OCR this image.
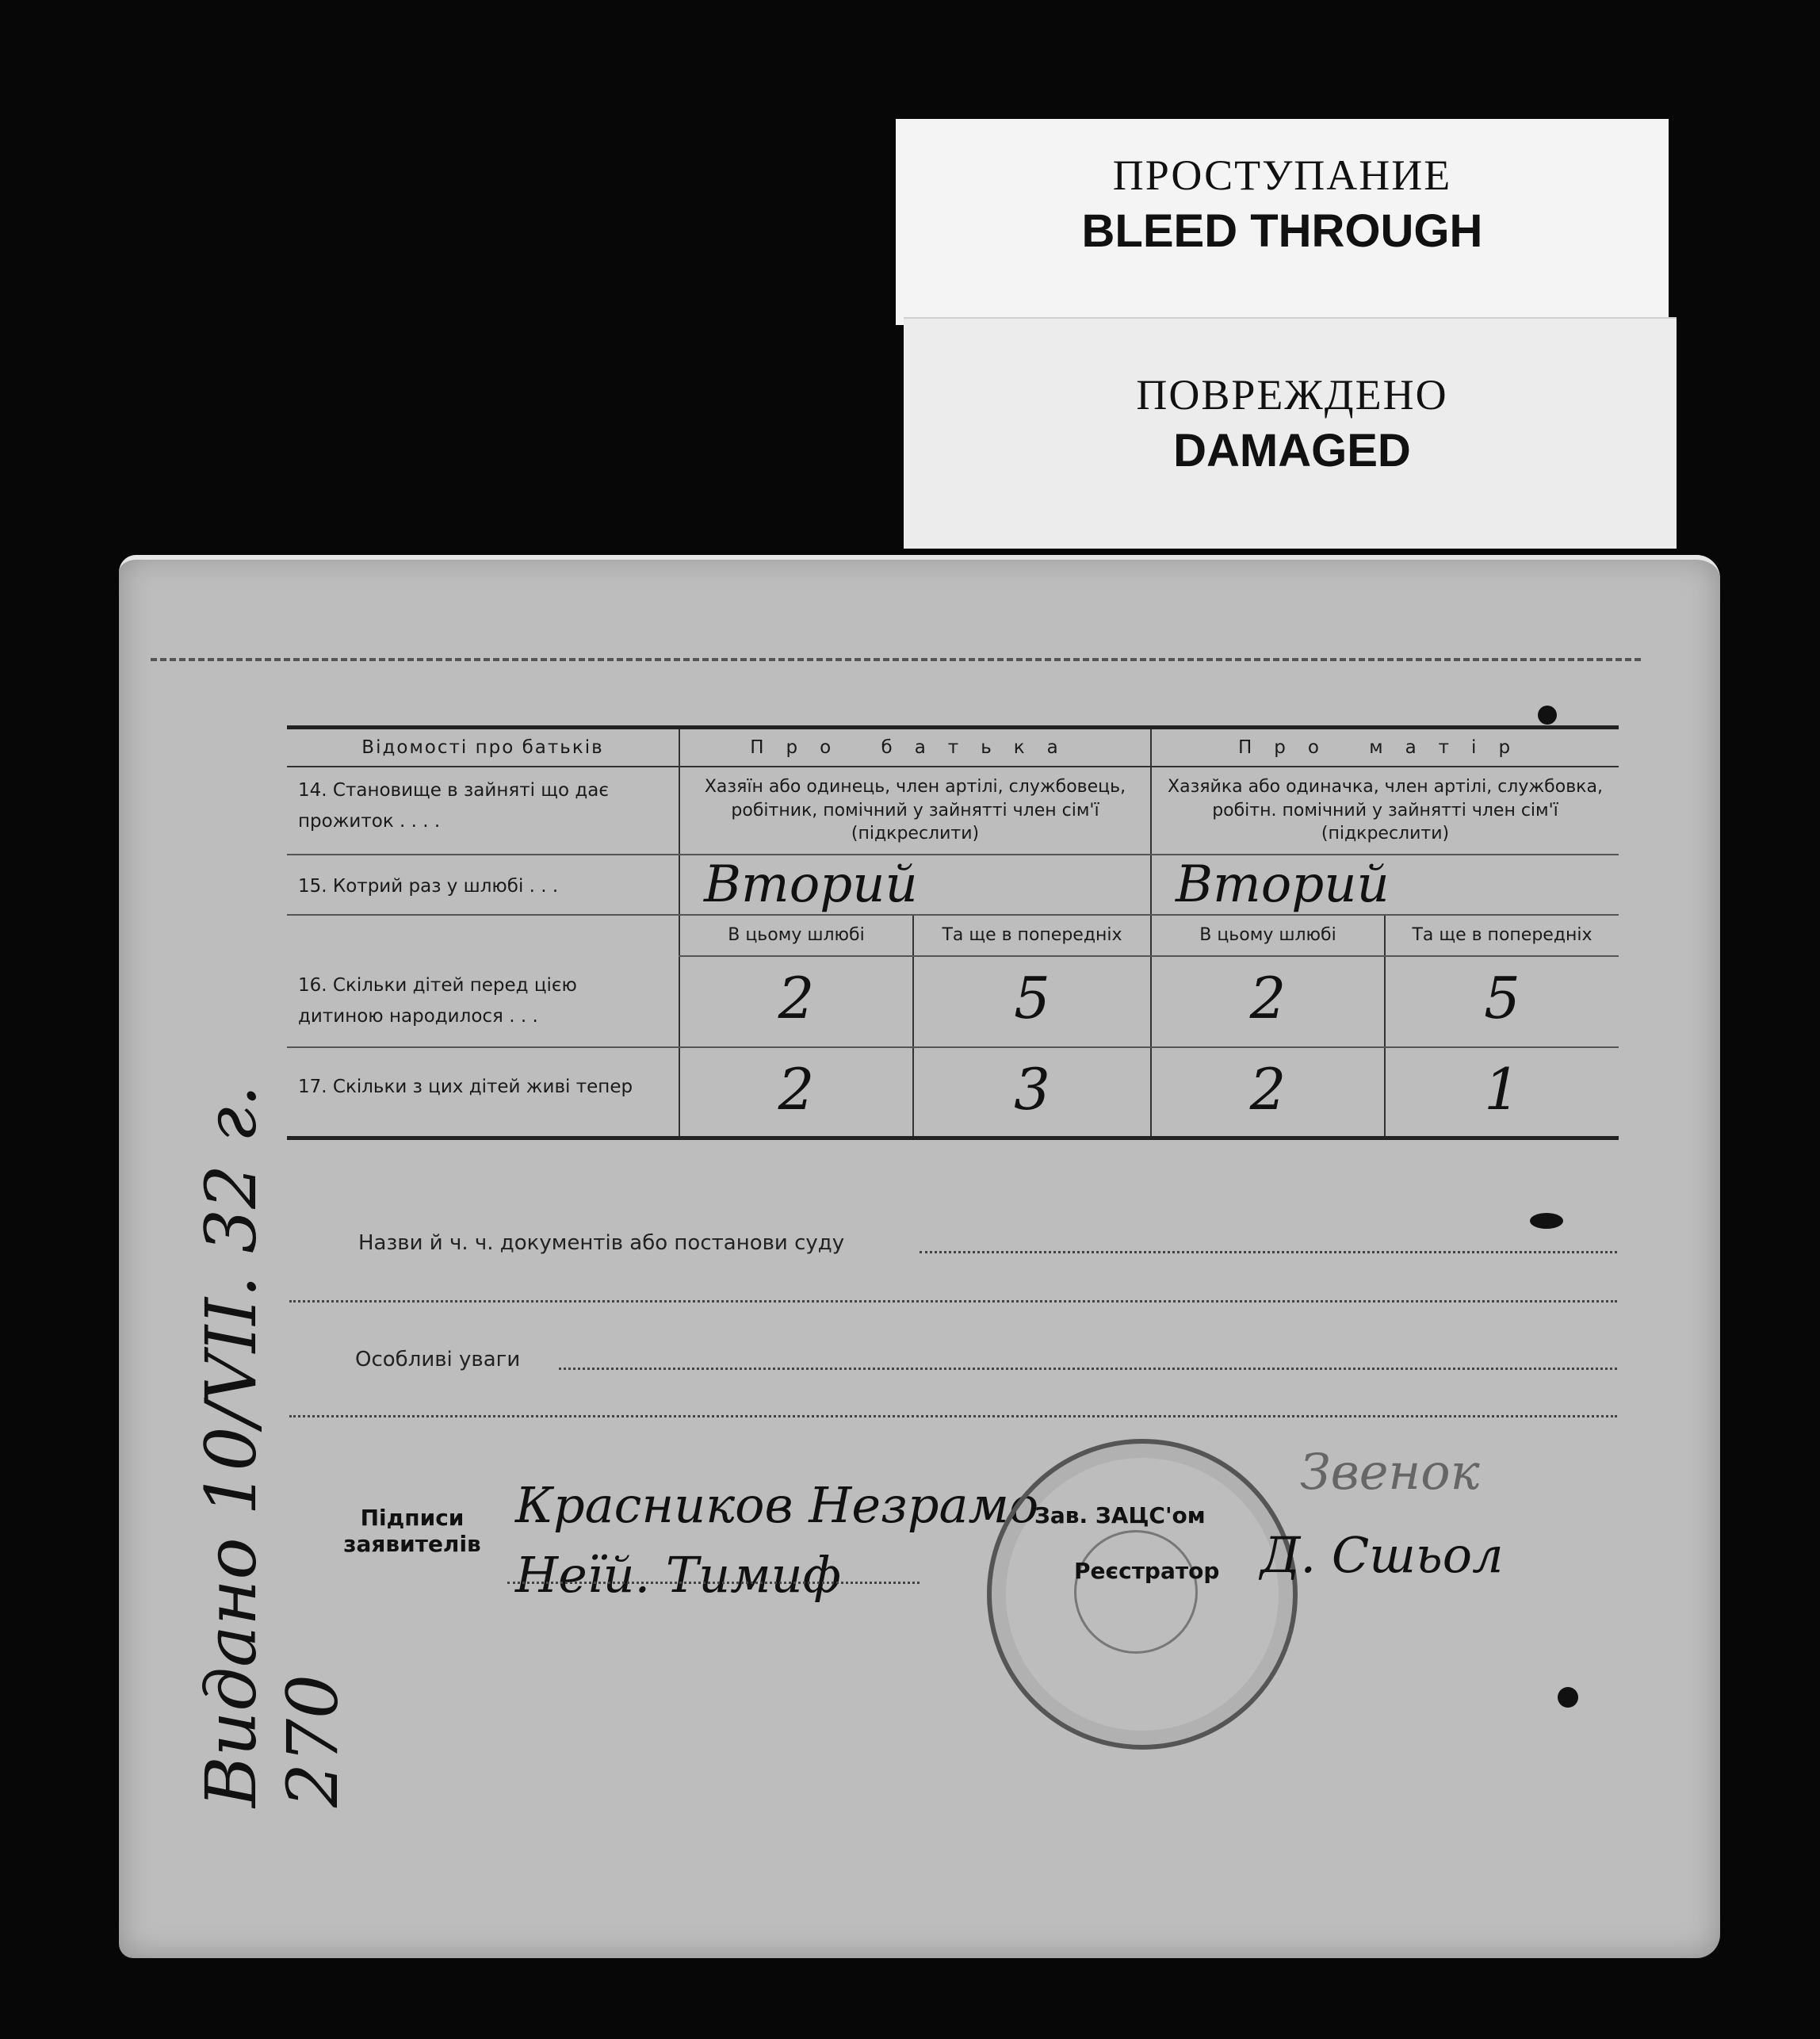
ПРОСТУПАНИЕ
BLEED THROUGH
ПОВРЕЖДЕНО
DAMAGED
Відомості про батьків	Про батька		Про матір	
14. Становище в зайняті що дає прожиток . . . .	Хазяїн або одинець, член артілі, службовець, робітник, помічний у зайнятті член сім'ї (підкреслити)		Хазяйка або одиначка, член артілі, службовка, робітн. помічний у зайнятті член сім'ї (підкреслити)	
15. Котрий раз у шлюбі . . .	Вторий		Вторий	
	В цьому шлюбі	Та ще в попередніх	В цьому шлюбі	Та ще в попередніх
16. Скільки дітей перед цією дитиною народилося . . .	2	5	2	5
17. Скільки з цих дітей живі тепер	2	3	2	1
Назви й ч. ч. документів або постанови суду
Особливі уваги
Підписи заявителів
Красников Незрамо
Неїй. Тимиф
Зав. ЗАЦС'ом
Реєстратор
Звенок
Д. Сшьол
Видано 10/VII. 32 г. 270
